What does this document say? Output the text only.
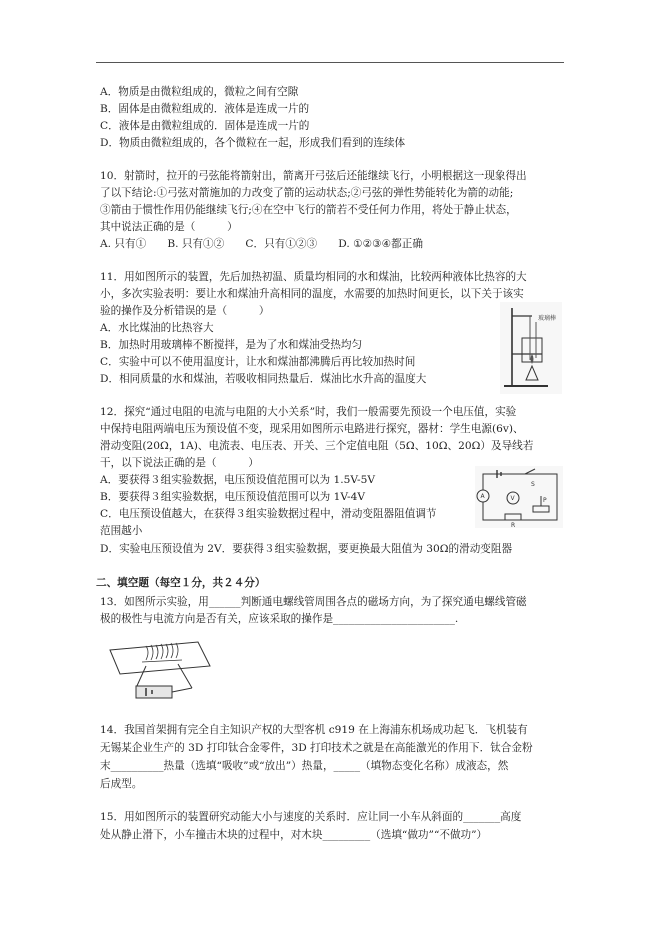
A．物质是由微粒组成的，微粒之间有空隙
B．固体是由微粒组成的．液体是连成一片的
C．液体是由微粒组成的．固体是连成一片的
D．物质由微粒组成的，各个微粒在一起，形成我们看到的连续体
10．射箭时，拉开的弓弦能将箭射出，箭离开弓弦后还能继续飞行，小明根据这一现象得出
了以下结论:①弓弦对箭施加的力改变了箭的运动状态;②弓弦的弹性势能转化为箭的动能;
③箭由于惯性作用仍能继续飞行;④在空中飞行的箭若不受任何力作用，将处于静止状态，
其中说法正确的是（　　　）
A. 只有①　　B. 只有①②　　C．只有①②③　　D. ①②③④都正确
11．用如图所示的装置，先后加热初温、质量均相同的水和煤油，比较两种液体比热容的大
小，多次实验表明：要让水和煤油升高相同的温度，水需要的加热时间更长，以下关于该实
验的操作及分析错误的是（　　　）
A．水比煤油的比热容大
B．加热时用玻璃棒不断搅拌，是为了水和煤油受热均匀
C．实验中可以不使用温度计，让水和煤油都沸腾后再比较加热时间
D．相同质量的水和煤油，若吸收相同热量后．煤油比水升高的温度大
玻璃棒
12．探究“通过电阻的电流与电阻的大小关系”时，我们一般需要先预设一个电压值，实验
中保持电阻两端电压为预设值不变，现采用如图所示电路进行探究，器材：学生电源(6v)、
滑动变阻(20Ω，1A)、电流表、电压表、开关、三个定值电阻（5Ω、10Ω、20Ω）及导线若
干，以下说法正确的是（　　　）
A．要获得３组实验数据，电压预设值范围可以为 1.5V-5V
B．要获得３组实验数据，电压预设值范围可以为 1V-4V
C．电压预设值越大，在获得３组实验数据过程中，滑动变阻器阻值调节
范围越小
D．实验电压预设值为 2V．要获得３组实验数据，要更换最大阻值为 30Ω的滑动变阻器
S
A	V	P
R
二、填空题（每空１分，共２４分）
13．如图所示实验，用______判断通电螺线管周围各点的磁场方向，为了探究通电螺线管磁
极的极性与电流方向是否有关，应该采取的操作是_______________________.
14．我国首架拥有完全自主知识产权的大型客机 c919 在上海浦东机场成功起飞．飞机装有
无锡某企业生产的 3D 打印钛合金零件，3D 打印技术之就是在高能激光的作用下．钛合金粉
末__________热量（选填“吸收”或“放出”）热量，_____（填物态变化名称）成液态，然
后成型。
15．用如图所示的装置研究动能大小与速度的关系时．应让同一小车从斜面的_______高度
处从静止滑下，小车撞击木块的过程中，对木块_________（选填“做功”“不做功”）
